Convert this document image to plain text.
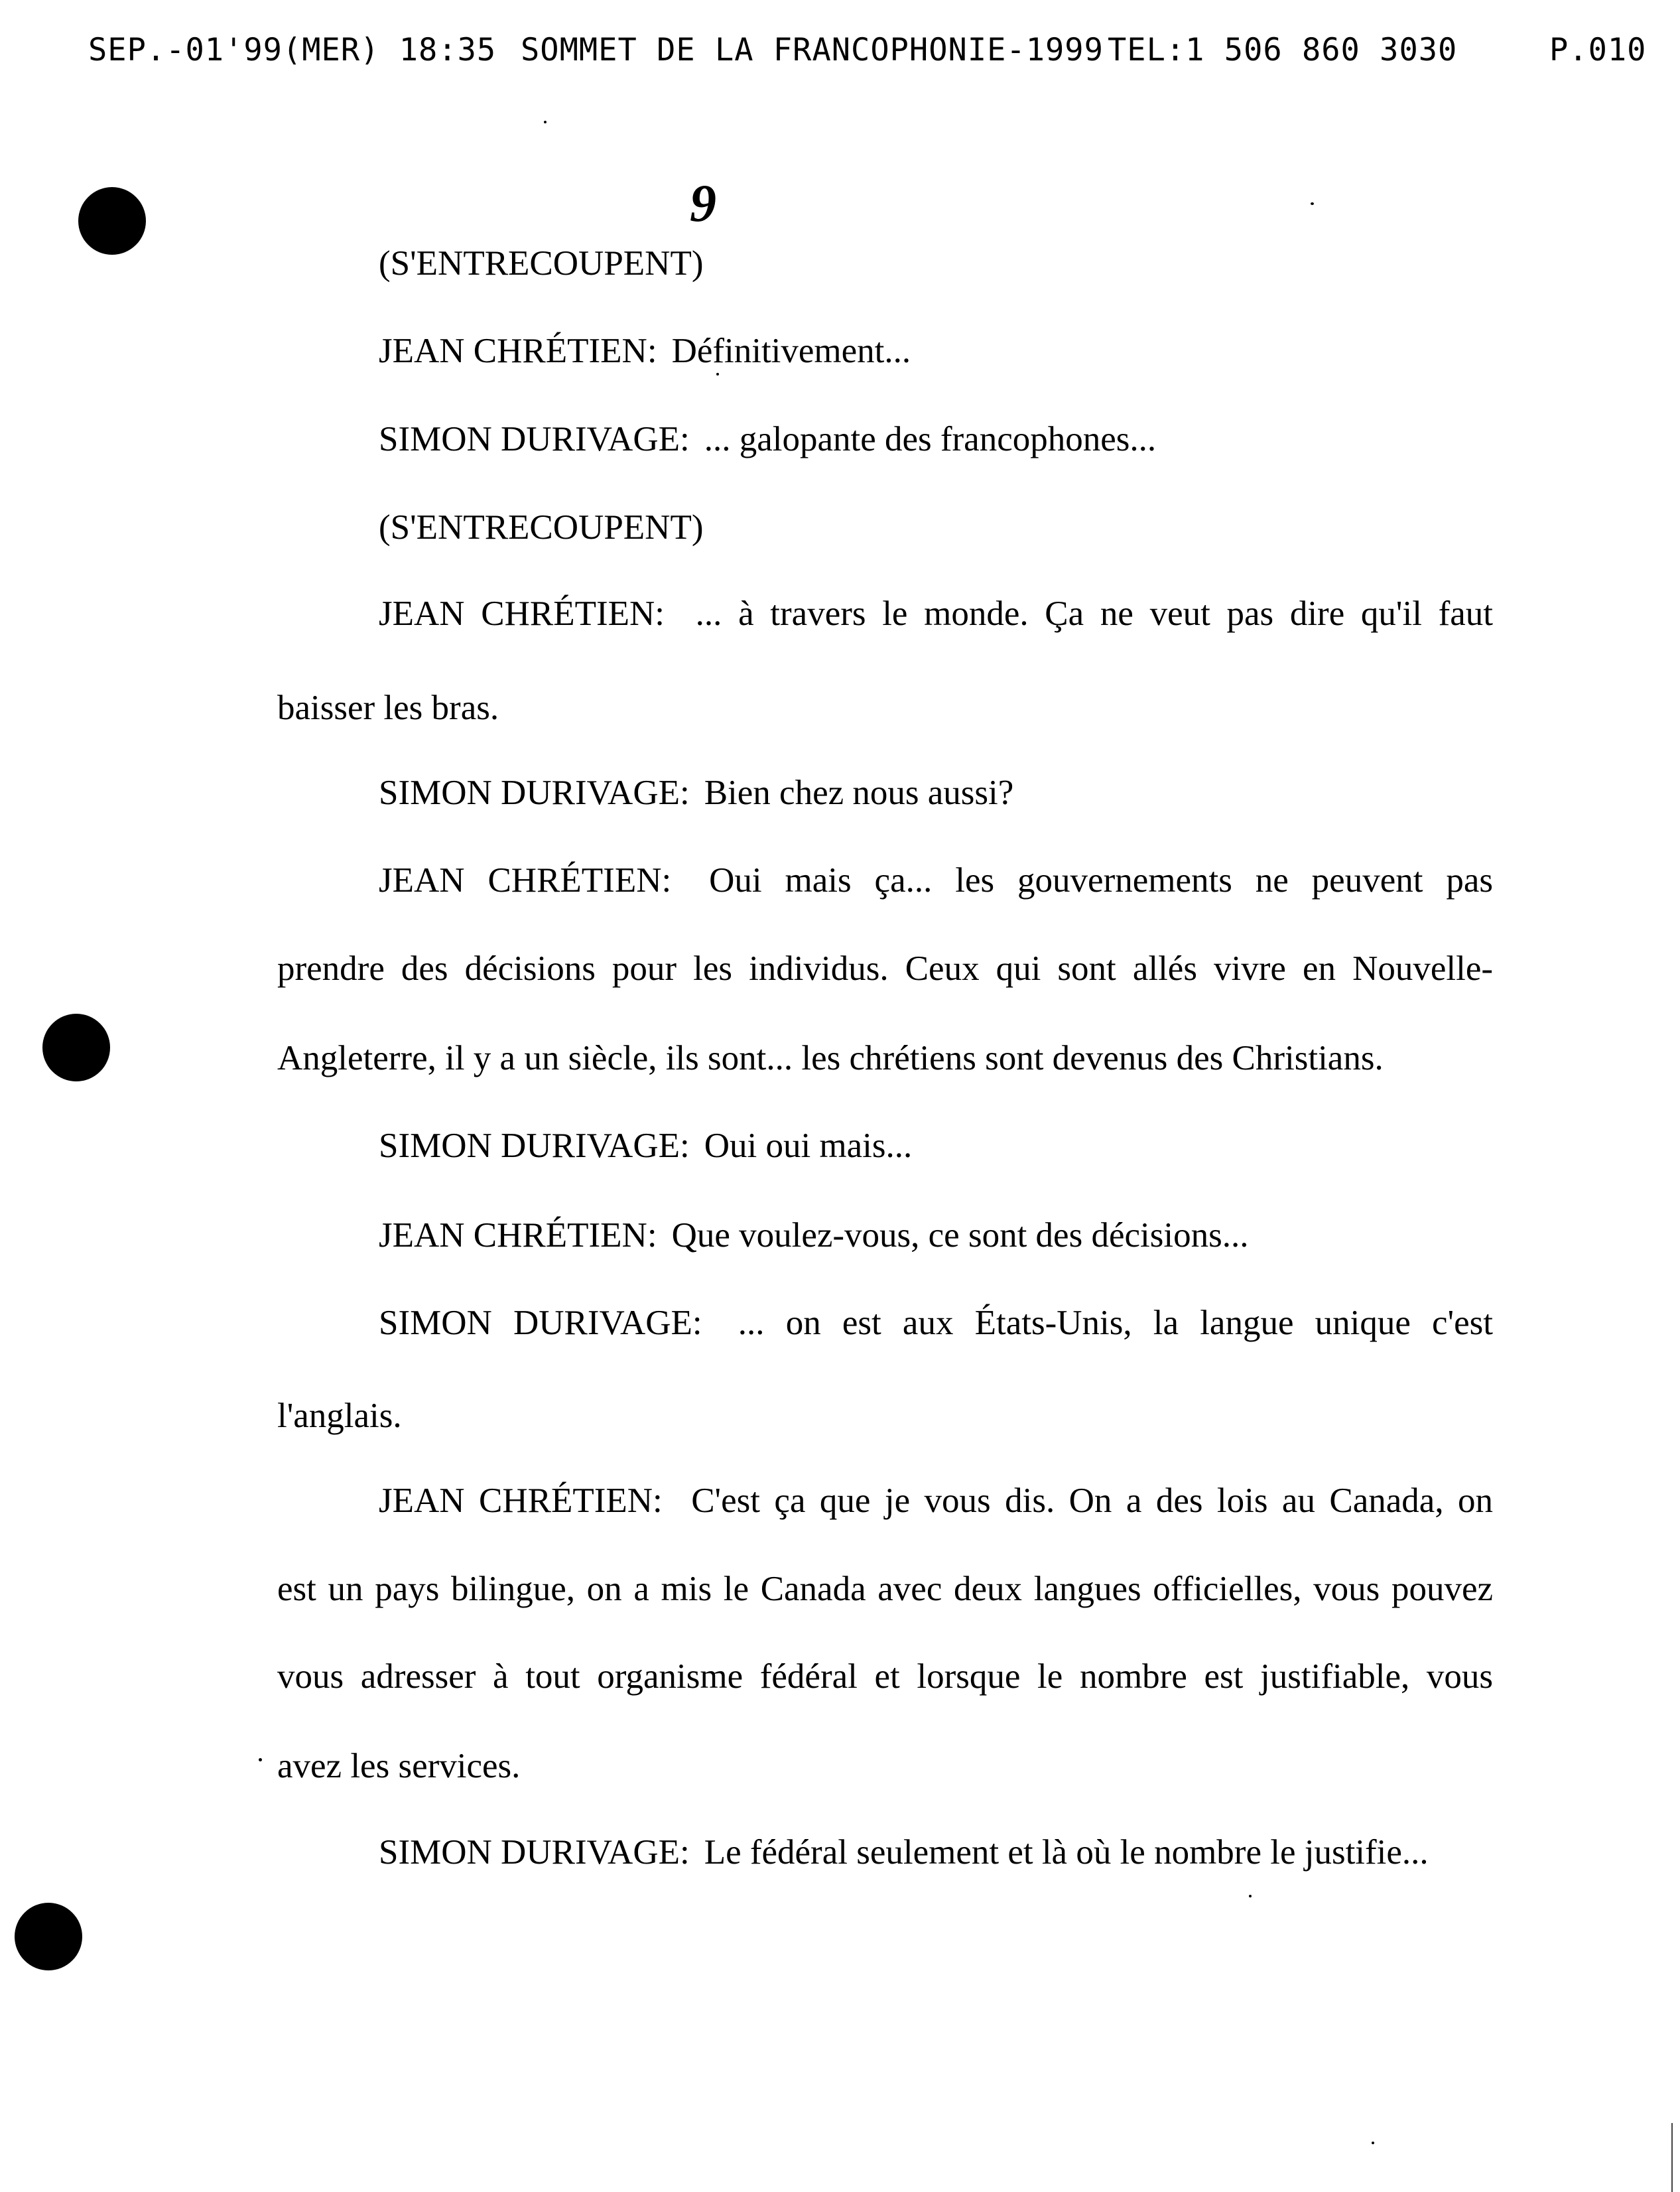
SEP.-01'99(MER) 18:35 SOMMET DE LA FRANCOPHONIE-1999 TEL:1 506 860 3030	P.010
9
(S'ENTRECOUPENT)
JEAN CHRÉTIEN: Définitivement...
SIMON DURIVAGE: ... galopante des francophones...
(S'ENTRECOUPENT)
JEAN CHRÉTIEN: ... à travers le monde. Ça ne veut pas dire qu'il faut
baisser les bras.
SIMON DURIVAGE: Bien chez nous aussi?
JEAN CHRÉTIEN: Oui mais ça... les gouvernements ne peuvent pas
prendre des décisions pour les individus. Ceux qui sont allés vivre en Nouvelle-
Angleterre, il y a un siècle, ils sont... les chrétiens sont devenus des Christians.
SIMON DURIVAGE: Oui oui mais...
JEAN CHRÉTIEN: Que voulez-vous, ce sont des décisions...
SIMON DURIVAGE: ... on est aux États-Unis, la langue unique c'est
l'anglais.
JEAN CHRÉTIEN: C'est ça que je vous dis. On a des lois au Canada, on
est un pays bilingue, on a mis le Canada avec deux langues officielles, vous pouvez
vous adresser à tout organisme fédéral et lorsque le nombre est justifiable, vous
avez les services.
SIMON DURIVAGE: Le fédéral seulement et là où le nombre le justifie...
